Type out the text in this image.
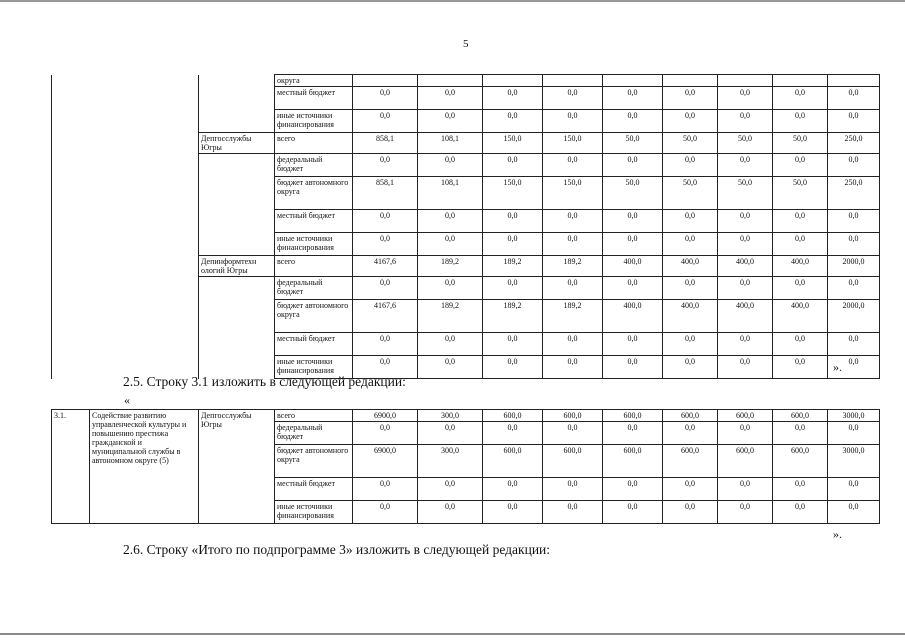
5
		округа									
		местный бюджет	0,0	0,0	0,0	0,0	0,0	0,0	0,0	0,0	0,0
		иные источники финансирования	0,0	0,0	0,0	0,0	0,0	0,0	0,0	0,0	0,0
	Депгосслужбы Югры	всего	858,1	108,1	150,0	150,0	50,0	50,0	50,0	50,0	250,0
		федеральный бюджет	0,0	0,0	0,0	0,0	0,0	0,0	0,0	0,0	0,0
		бюджет автономного округа	858,1	108,1	150,0	150,0	50,0	50,0	50,0	50,0	250,0
		местный бюджет	0,0	0,0	0,0	0,0	0,0	0,0	0,0	0,0	0,0
		иные источники финансирования	0,0	0,0	0,0	0,0	0,0	0,0	0,0	0,0	0,0
	Депинформтехн ологий Югры	всего	4167,6	189,2	189,2	189,2	400,0	400,0	400,0	400,0	2000,0
		федеральный бюджет	0,0	0,0	0,0	0,0	0,0	0,0	0,0	0,0	0,0
		бюджет автономного округа	4167,6	189,2	189,2	189,2	400,0	400,0	400,0	400,0	2000,0
		местный бюджет	0,0	0,0	0,0	0,0	0,0	0,0	0,0	0,0	0,0
		иные источники финансирования	0,0	0,0	0,0	0,0	0,0	0,0	0,0	0,0	0,0
».
2.5. Строку 3.1 изложить в следующей редакции:
«
3.1.	Содействие развитию управленческой культуры и повышению престижа гражданской и муниципальной службы в автономном округе (5)	Депгосслужбы Югры	всего	6900,0	300,0	600,0	600,0	600,0	600,0	600,0	600,0	3000,0
			федеральный бюджет	0,0	0,0	0,0	0,0	0,0	0,0	0,0	0,0	0,0
			бюджет автономного округа	6900,0	300,0	600,0	600,0	600,0	600,0	600,0	600,0	3000,0
			местный бюджет	0,0	0,0	0,0	0,0	0,0	0,0	0,0	0,0	0,0
			иные источники финансирования	0,0	0,0	0,0	0,0	0,0	0,0	0,0	0,0	0,0
».
2.6. Строку «Итого по подпрограмме 3» изложить в следующей редакции:
